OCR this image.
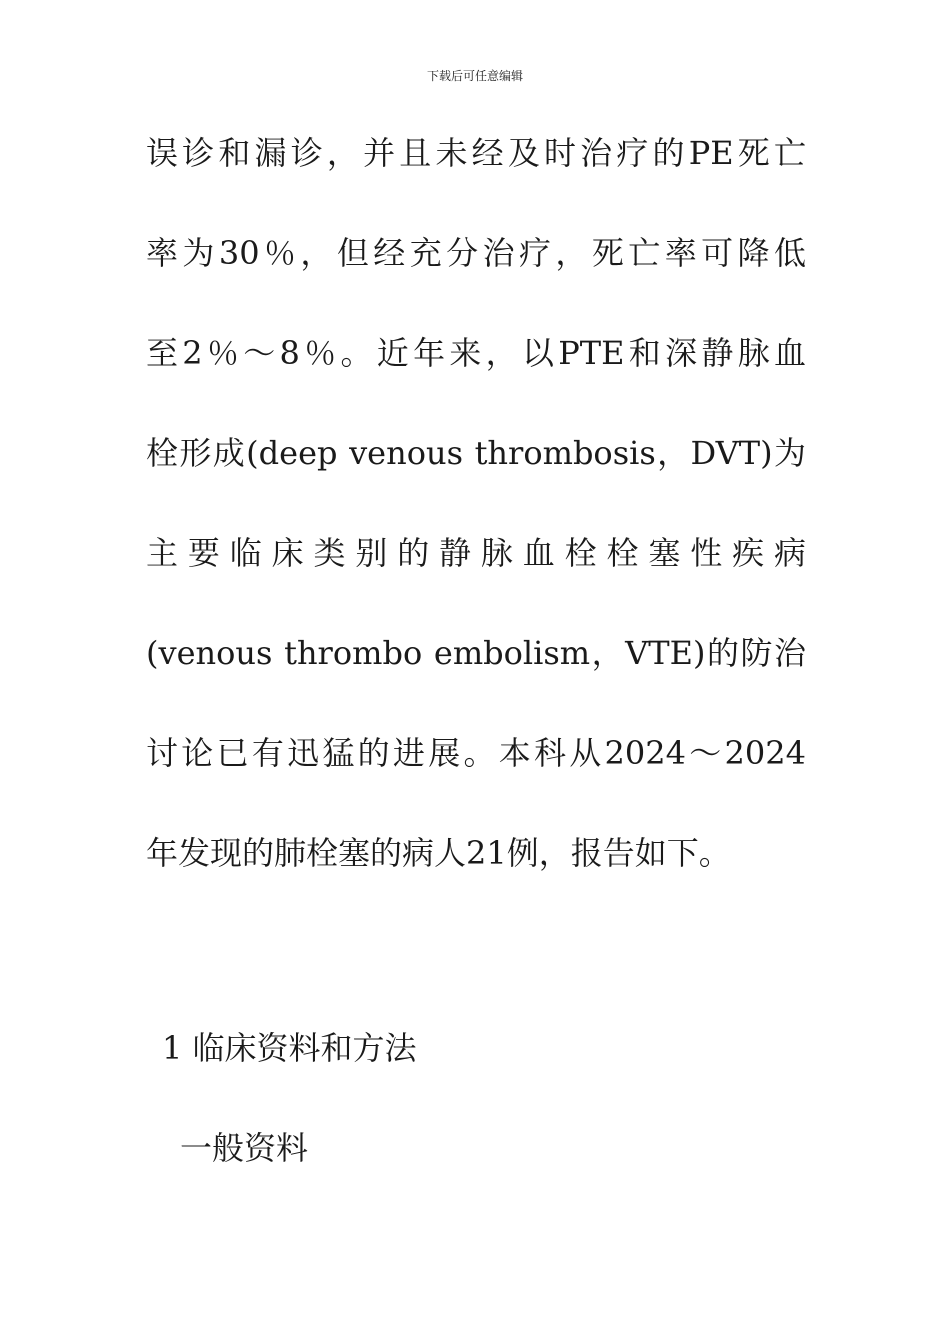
下载后可任意编辑
误诊和漏诊，并且未经及时治疗的PE死亡
率为30％，但经充分治疗，死亡率可降低
至2％～8％。近年来，以PTE和深静脉血
栓形成(deep venous thrombosis，DVT)为
主要临床类别的静脉血栓栓塞性疾病
(venous thrombo embolism，VTE)的防治
讨论已有迅猛的进展。本科从2024～2024
年发现的肺栓塞的病人21例，报告如下。
1 临床资料和方法
一般资料
